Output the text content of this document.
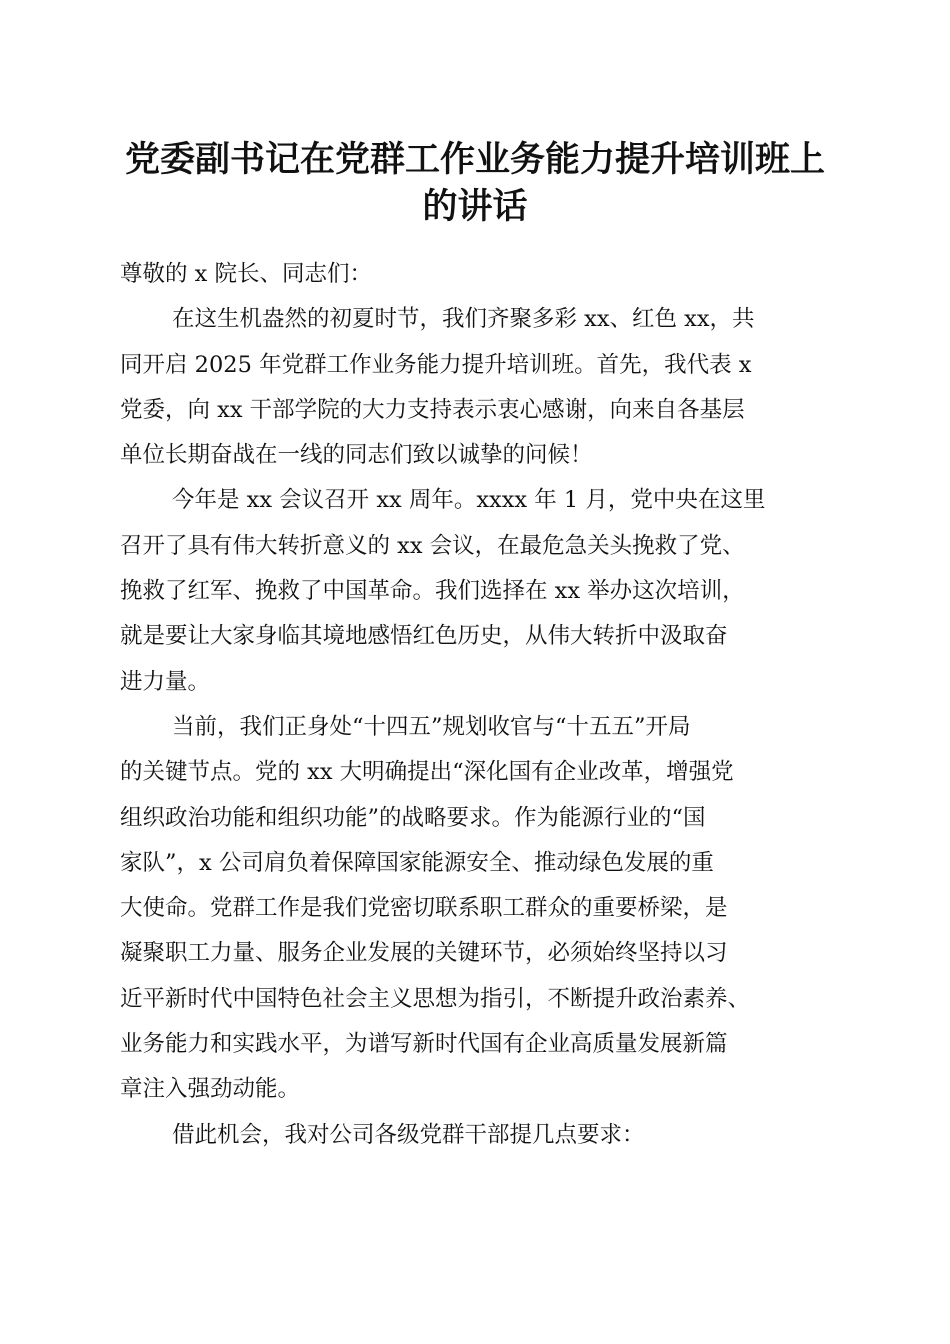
党委副书记在党群工作业务能力提升培训班上
的讲话
尊敬的 x 院长、同志们：
在这生机盎然的初夏时节，我们齐聚多彩 xx、红色 xx，共
同开启 2025 年党群工作业务能力提升培训班。首先，我代表 x
党委，向 xx 干部学院的大力支持表示衷心感谢，向来自各基层
单位长期奋战在一线的同志们致以诚挚的问候！
今年是 xx 会议召开 xx 周年。xxxx 年 1 月，党中央在这里
召开了具有伟大转折意义的 xx 会议，在最危急关头挽救了党、
挽救了红军、挽救了中国革命。我们选择在 xx 举办这次培训，
就是要让大家身临其境地感悟红色历史，从伟大转折中汲取奋
进力量。
当前，我们正身处“十四五”规划收官与“十五五”开局
的关键节点。党的 xx 大明确提出“深化国有企业改革，增强党
组织政治功能和组织功能”的战略要求。作为能源行业的“国
家队”，x 公司肩负着保障国家能源安全、推动绿色发展的重
大使命。党群工作是我们党密切联系职工群众的重要桥梁，是
凝聚职工力量、服务企业发展的关键环节，必须始终坚持以习
近平新时代中国特色社会主义思想为指引，不断提升政治素养、
业务能力和实践水平，为谱写新时代国有企业高质量发展新篇
章注入强劲动能。
借此机会，我对公司各级党群干部提几点要求：
